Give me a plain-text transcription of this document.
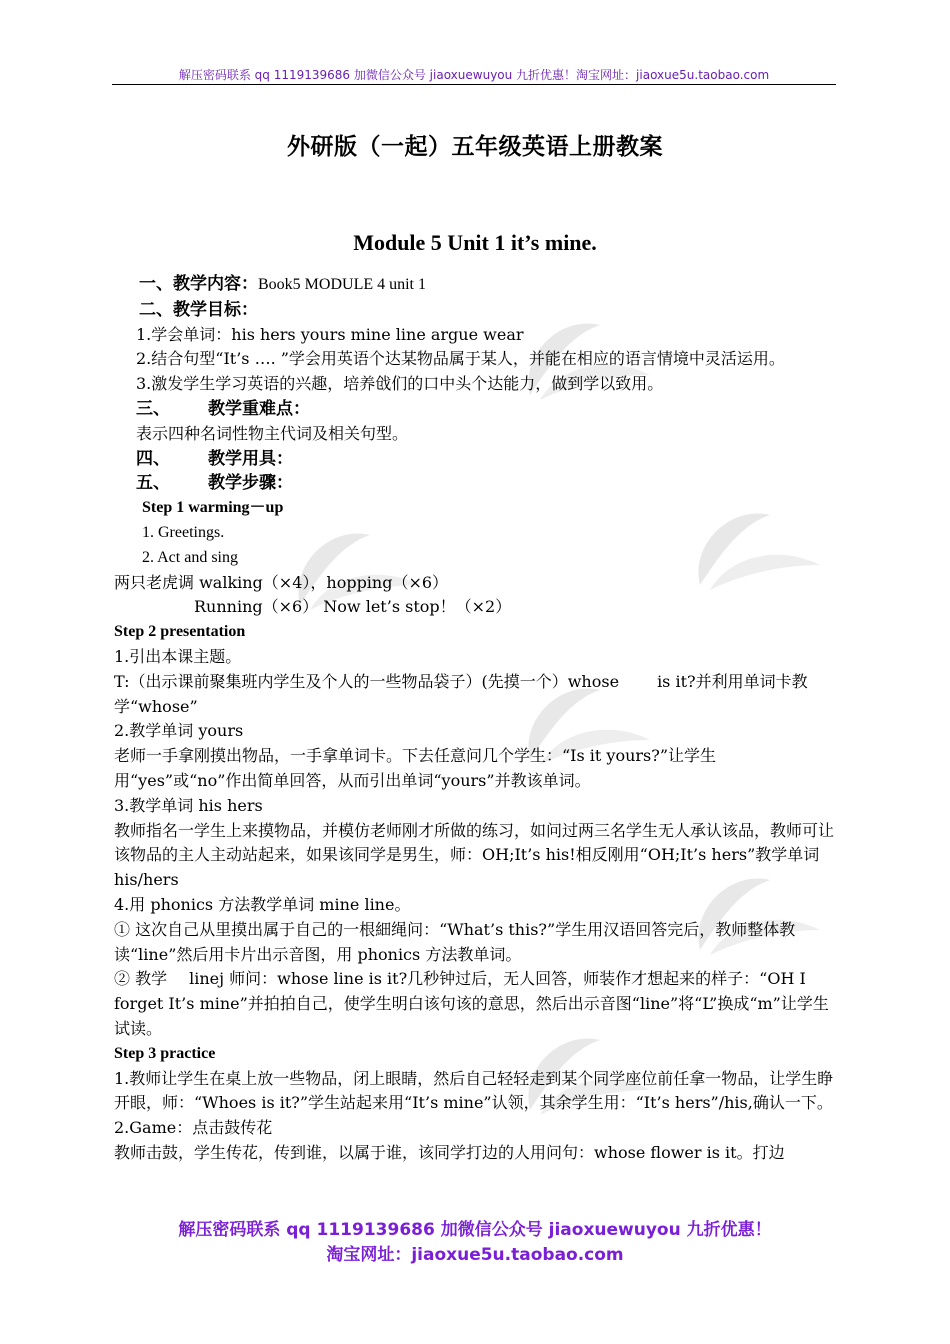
解压密码联系 qq 1119139686 加微信公众号 jiaoxuewuyou 九折优惠！淘宝网址：jiaoxue5u.taobao.com
外研版（一起）五年级英语上册教案
Module 5 Unit 1 it’s mine.

一、教学内容：Book5 MODULE 4 unit 1

二、教学目标：

1.学会单词：his hers yours mine line argue wear

2.结合句型“It’s …. ”学会用英语个达某物品属于某人，并能在相应的语言情境中灵活运用。

3.激发学生学习英语的兴趣，培养戗们的口中头个达能力，做到学以致用。

三、 教学重难点：

表示四种名词性物主代词及相关句型。

四、 教学用具：

五、 教学步骤：

Step 1 warming－up

1. Greetings.

2. Act and sing

两只老虎调 walking（×4），hopping（×6）

Running（×6） Now let’s stop！（×2）

Step 2 presentation

1.引出本课主题。

T:（出示课前聚集班内学生及个人的一些物品袋子）(先摸一个）whose is it?并利用单词卡教学“whose”

2.教学单词 yours

老师一手拿刚摸出物品，一手拿单词卡。下去任意问几个学生：“Is it yours?”让学生用“yes”或“no”作出简单回答，从而引出单词“yours”并教该单词。

3.教学单词 his hers

教师指名一学生上来摸物品，并模仿老师刚才所做的练习，如问过两三名学生无人承认该品，教师可让该物品的主人主动站起来，如果该同学是男生，师：OH;It’s his!相反刚用“OH;It’s hers”教学单词 his/hers

4.用 phonics 方法教学单词 mine line。

① 这次自己从里摸出属于自己的一根細绳问：“What’s this?”学生用汉语回答完后，教师整体教读“line”然后用卡片出示音图，用 phonics 方法教单词。

② 教学 linej 师问：whose line is it?几秒钟过后，无人回答，师装作才想起来的样子：“OH I forget It’s mine”并拍拍自己，使学生明白该句该的意思，然后出示音图“line”将“L”换成“m”让学生试读。

Step 3 practice

1.教师让学生在桌上放一些物品，闭上眼睛，然后自己轻轻走到某个同学座位前任拿一物品，让学生睁开眼，师：“Whoes is it?”学生站起来用“It’s mine”认领，其余学生用：“It’s hers”/his,确认一下。

2.Game：点击鼓传花

教师击鼓，学生传花，传到谁，以属于谁，该同学打边的人用问句：whose flower is it。打边

解压密码联系 qq 1119139686 加微信公众号 jiaoxuewuyou 九折优惠！
淘宝网址：jiaoxue5u.taobao.com
